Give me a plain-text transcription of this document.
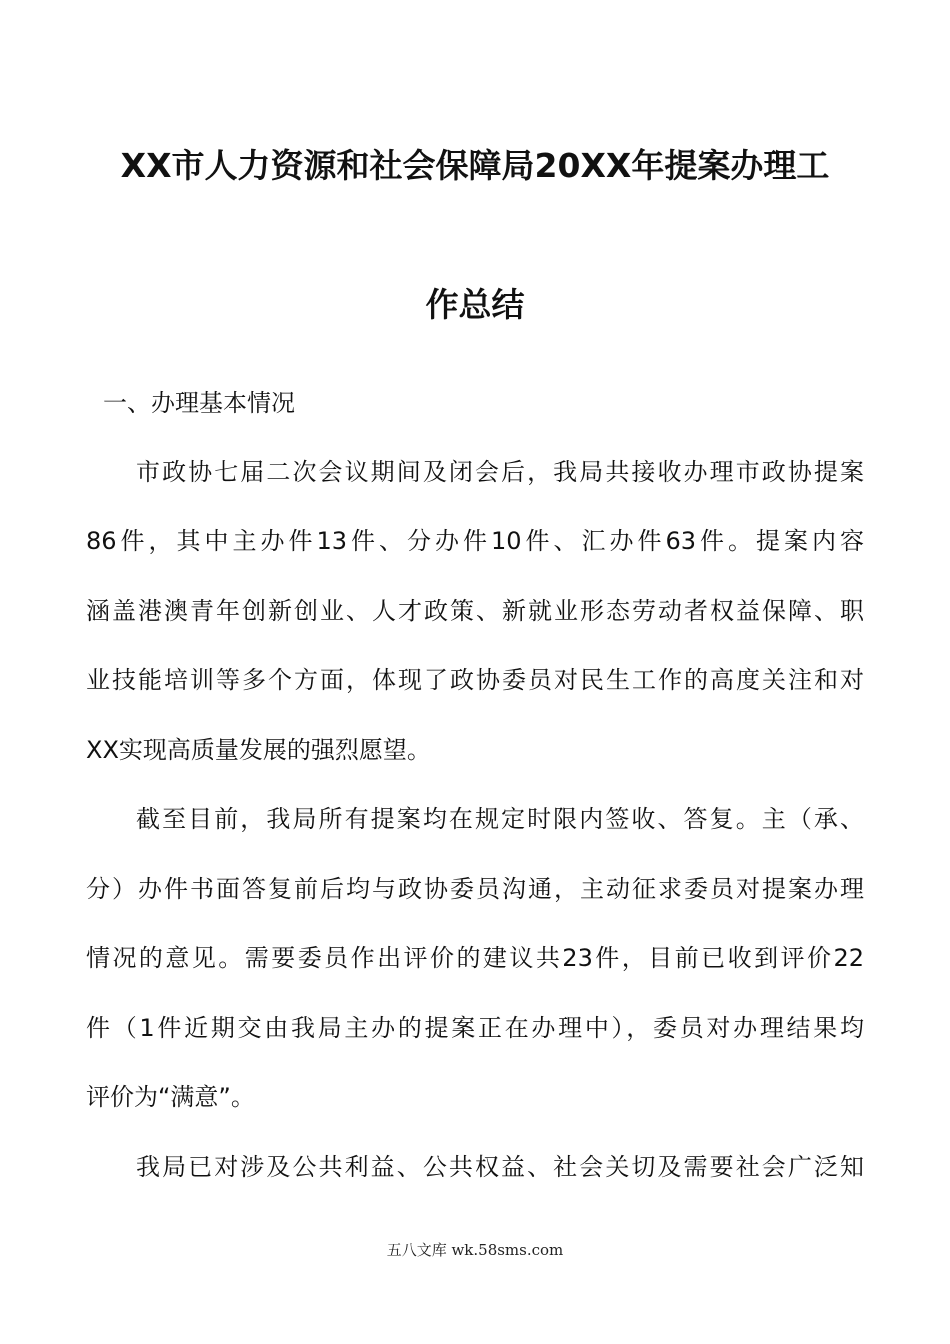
XX市人力资源和社会保障局20XX年提案办理工
作总结
一、办理基本情况
市政协七届二次会议期间及闭会后，我局共接收办理市政协提案
86件，其中主办件13件、分办件10件、汇办件63件。提案内容
涵盖港澳青年创新创业、人才政策、新就业形态劳动者权益保障、职
业技能培训等多个方面，体现了政协委员对民生工作的高度关注和对
XX实现高质量发展的强烈愿望。
截至目前，我局所有提案均在规定时限内签收、答复。主（承、
分）办件书面答复前后均与政协委员沟通，主动征求委员对提案办理
情况的意见。需要委员作出评价的建议共23件，目前已收到评价22
件（1件近期交由我局主办的提案正在办理中），委员对办理结果均
评价为“满意”。
我局已对涉及公共利益、公共权益、社会关切及需要社会广泛知
五八文库 wk.58sms.com
